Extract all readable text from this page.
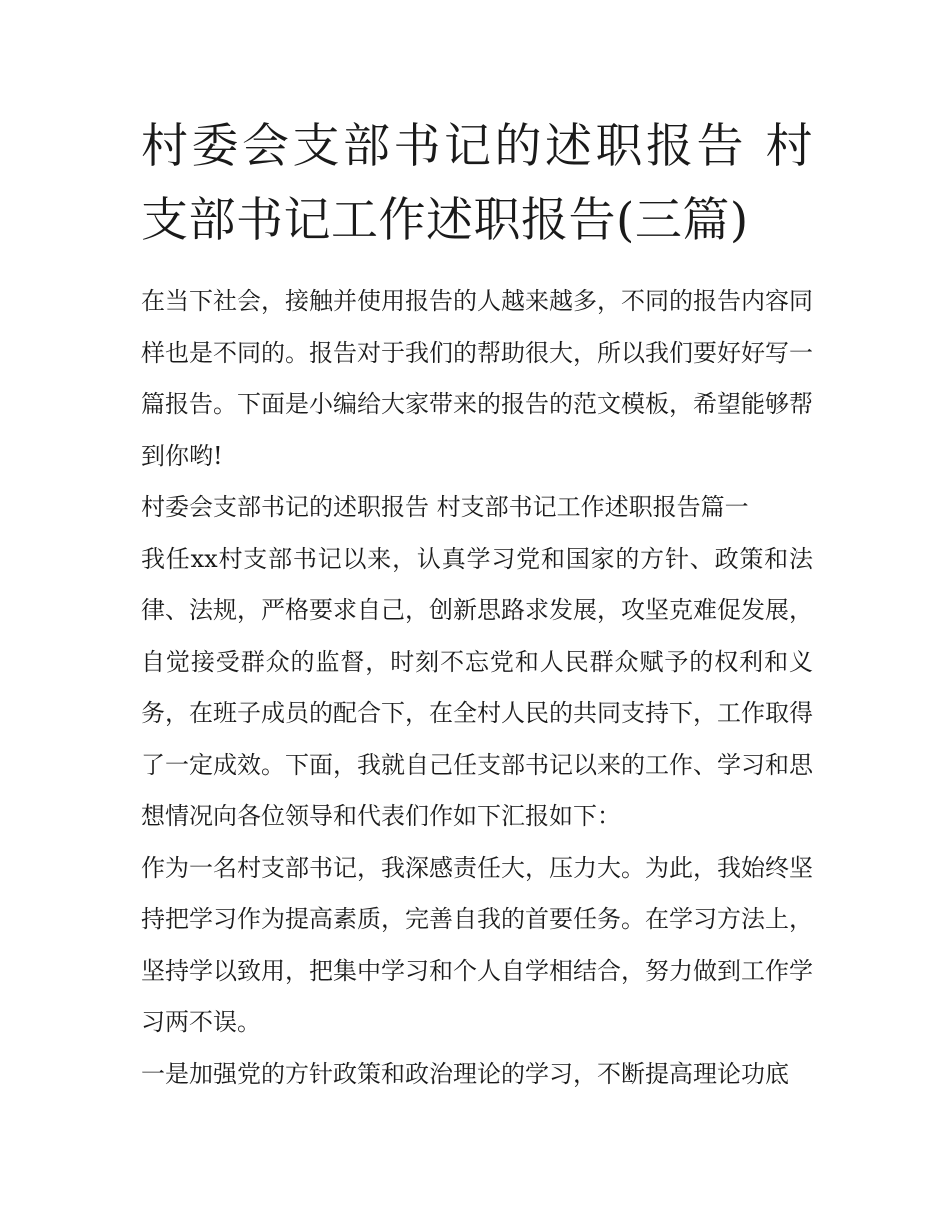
村委会支部书记的述职报告 村支部书记工作述职报告(三篇)

在当下社会，接触并使用报告的人越来越多，不同的报告内容同样也是不同的。报告对于我们的帮助很大，所以我们要好好写一篇报告。下面是小编给大家带来的报告的范文模板，希望能够帮到你哟!

村委会支部书记的述职报告 村支部书记工作述职报告篇一

我任xx村支部书记以来，认真学习党和国家的方针、政策和法律、法规，严格要求自己，创新思路求发展，攻坚克难促发展，自觉接受群众的监督，时刻不忘党和人民群众赋予的权利和义务，在班子成员的配合下，在全村人民的共同支持下，工作取得了一定成效。下面，我就自己任支部书记以来的工作、学习和思想情况向各位领导和代表们作如下汇报如下：

作为一名村支部书记，我深感责任大，压力大。为此，我始终坚持把学习作为提高素质，完善自我的首要任务。在学习方法上，坚持学以致用，把集中学习和个人自学相结合，努力做到工作学习两不误。

一是加强党的方针政策和政治理论的学习，不断提高理论功底
